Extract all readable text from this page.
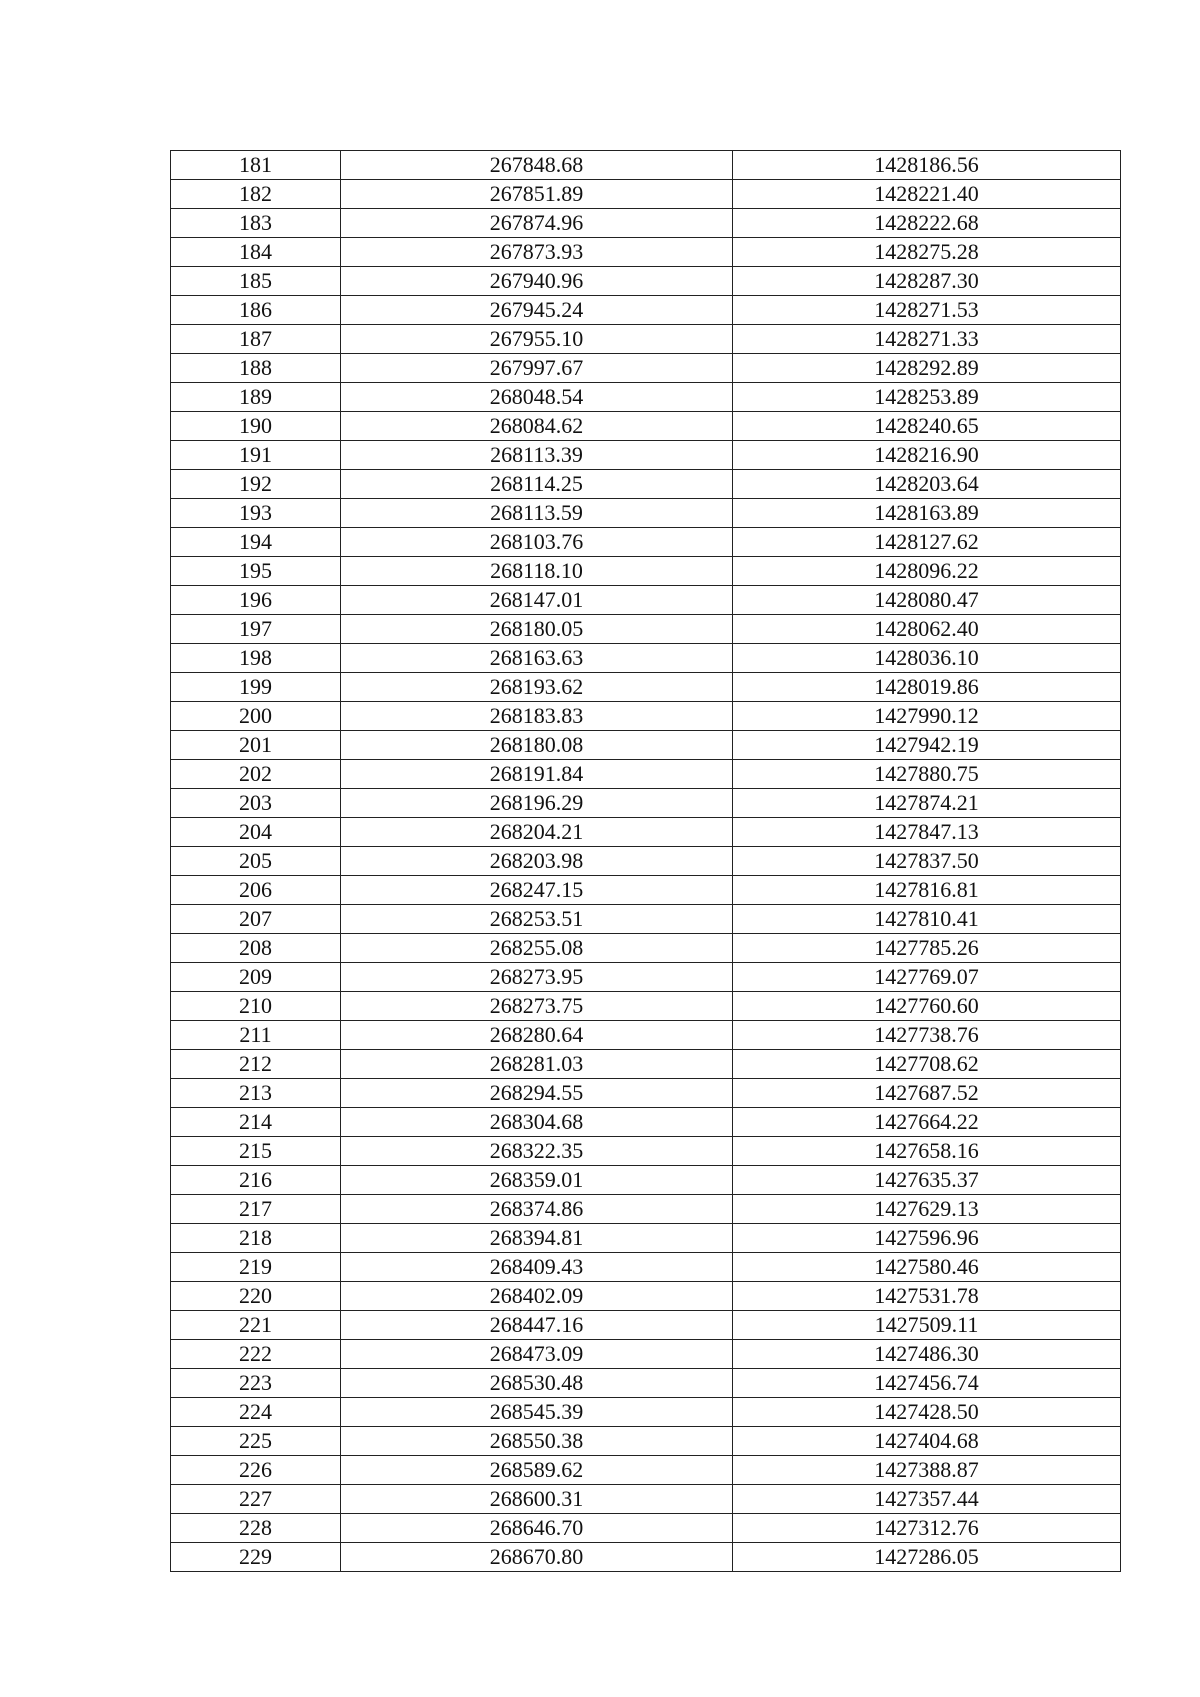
181	267848.68	1428186.56
182	267851.89	1428221.40
183	267874.96	1428222.68
184	267873.93	1428275.28
185	267940.96	1428287.30
186	267945.24	1428271.53
187	267955.10	1428271.33
188	267997.67	1428292.89
189	268048.54	1428253.89
190	268084.62	1428240.65
191	268113.39	1428216.90
192	268114.25	1428203.64
193	268113.59	1428163.89
194	268103.76	1428127.62
195	268118.10	1428096.22
196	268147.01	1428080.47
197	268180.05	1428062.40
198	268163.63	1428036.10
199	268193.62	1428019.86
200	268183.83	1427990.12
201	268180.08	1427942.19
202	268191.84	1427880.75
203	268196.29	1427874.21
204	268204.21	1427847.13
205	268203.98	1427837.50
206	268247.15	1427816.81
207	268253.51	1427810.41
208	268255.08	1427785.26
209	268273.95	1427769.07
210	268273.75	1427760.60
211	268280.64	1427738.76
212	268281.03	1427708.62
213	268294.55	1427687.52
214	268304.68	1427664.22
215	268322.35	1427658.16
216	268359.01	1427635.37
217	268374.86	1427629.13
218	268394.81	1427596.96
219	268409.43	1427580.46
220	268402.09	1427531.78
221	268447.16	1427509.11
222	268473.09	1427486.30
223	268530.48	1427456.74
224	268545.39	1427428.50
225	268550.38	1427404.68
226	268589.62	1427388.87
227	268600.31	1427357.44
228	268646.70	1427312.76
229	268670.80	1427286.05
